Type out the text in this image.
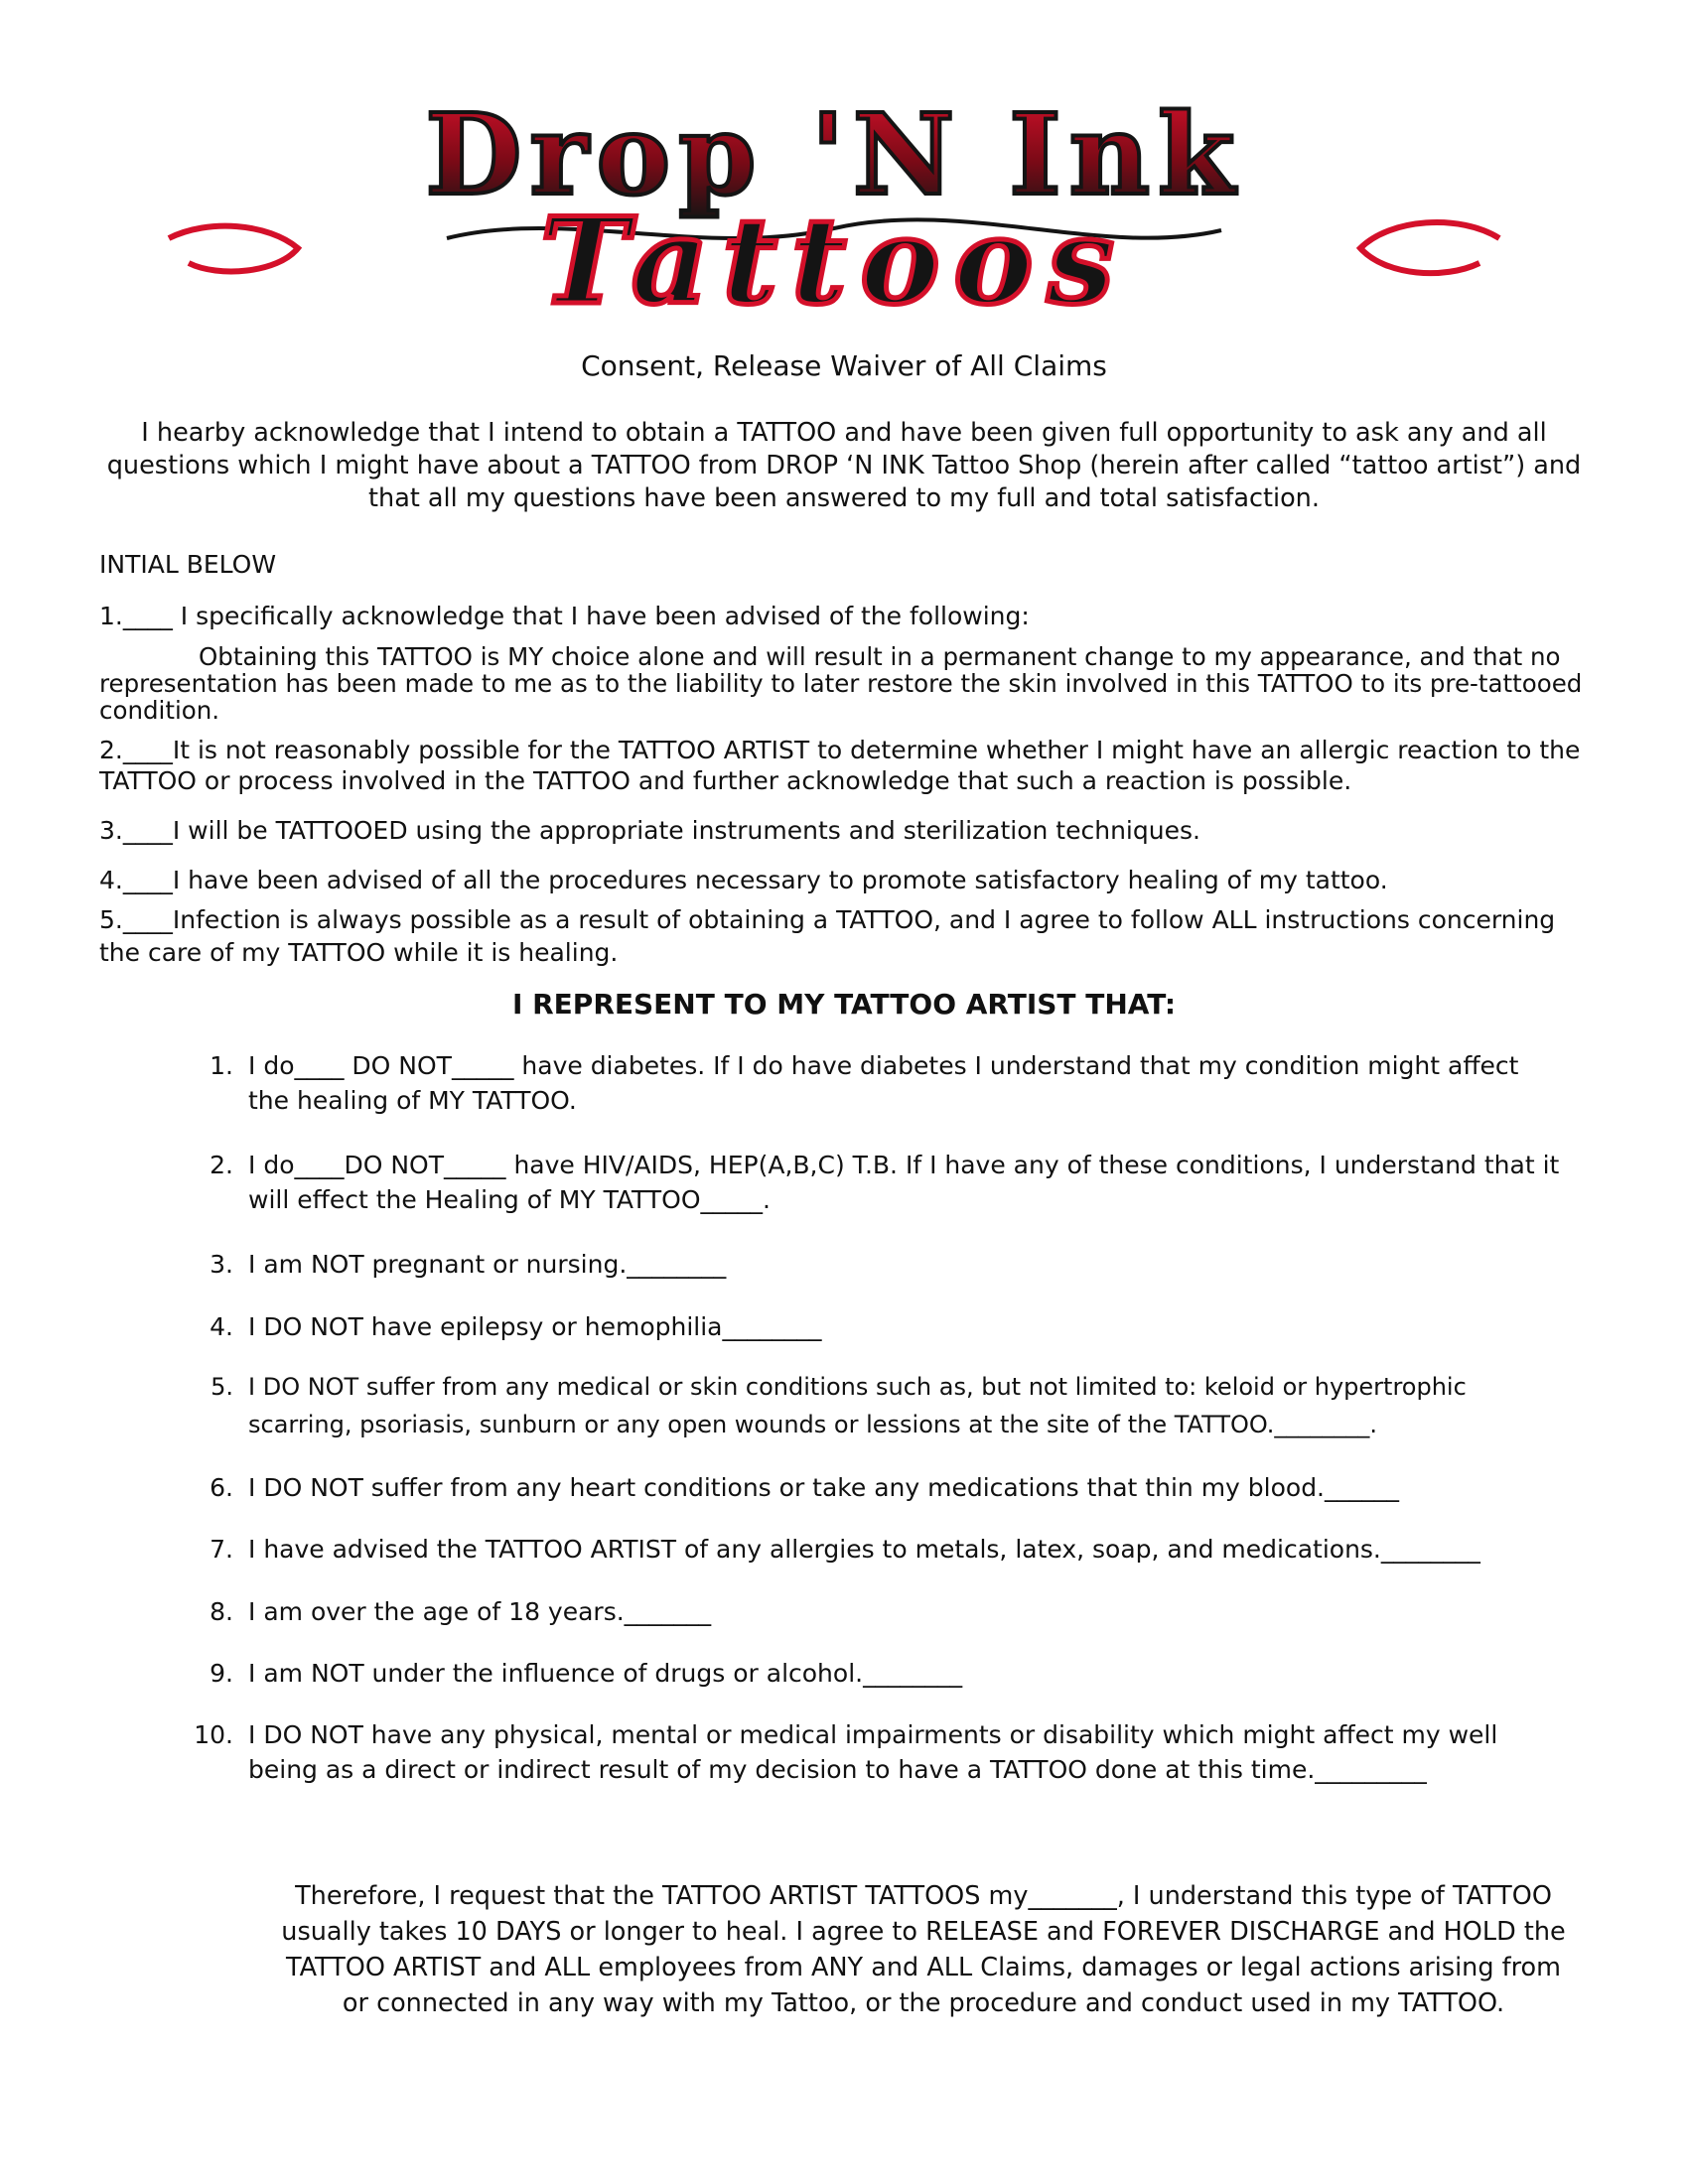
Drop 'N Ink
Tattoos
Consent, Release Waiver of All Claims
I hearby acknowledge that I intend to obtain a TATTOO and have been given full opportunity to ask any and all questions which I might have about a TATTOO from DROP ‘N INK Tattoo Shop (herein after called “tattoo artist”) and that all my questions have been answered to my full and total satisfaction.
INTIAL BELOW
1.____ I specifically acknowledge that I have been advised of the following:
Obtaining this TATTOO is MY choice alone and will result in a permanent change to my appearance, and that no representation has been made to me as to the liability to later restore the skin involved in this TATTOO to its pre-tattooed condition.
2.____It is not reasonably possible for the TATTOO ARTIST to determine whether I might have an allergic reaction to the TATTOO or process involved in the TATTOO and further acknowledge that such a reaction is possible.
3.____I will be TATTOOED using the appropriate instruments and sterilization techniques.
4.____I have been advised of all the procedures necessary to promote satisfactory healing of my tattoo.
5.____Infection is always possible as a result of obtaining a TATTOO, and I agree to follow ALL instructions concerning the care of my TATTOO while it is healing.
I REPRESENT TO MY TATTOO ARTIST THAT:
1. I do____ DO NOT_____ have diabetes. If I do have diabetes I understand that my condition might affect the healing of MY TATTOO.
2. I do____DO NOT_____ have HIV/AIDS, HEP(A,B,C) T.B. If I have any of these conditions, I understand that it will effect the Healing of MY TATTOO_____.
3. I am NOT pregnant or nursing.________
4. I DO NOT have epilepsy or hemophilia________
5. I DO NOT suffer from any medical or skin conditions such as, but not limited to: keloid or hypertrophic scarring, psoriasis, sunburn or any open wounds or lessions at the site of the TATTOO.________.
6. I DO NOT suffer from any heart conditions or take any medications that thin my blood.______
7. I have advised the TATTOO ARTIST of any allergies to metals, latex, soap, and medications.________
8. I am over the age of 18 years._______
9. I am NOT under the influence of drugs or alcohol.________
10. I DO NOT have any physical, mental or medical impairments or disability which might affect my well being as a direct or indirect result of my decision to have a TATTOO done at this time._________
Therefore, I request that the TATTOO ARTIST TATTOOS my_______, I understand this type of TATTOO usually takes 10 DAYS or longer to heal. I agree to RELEASE and FOREVER DISCHARGE and HOLD the TATTOO ARTIST and ALL employees from ANY and ALL Claims, damages or legal actions arising from or connected in any way with my Tattoo, or the procedure and conduct used in my TATTOO.
